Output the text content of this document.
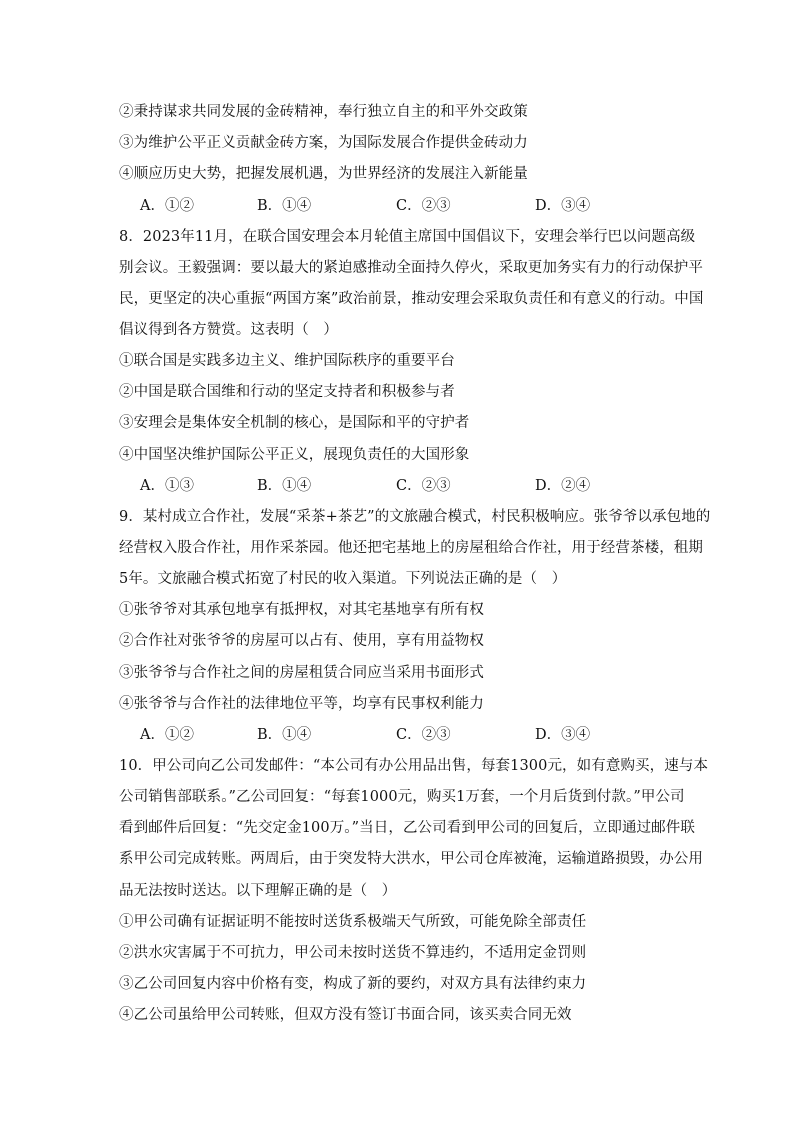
②秉持谋求共同发展的金砖精神，奉行独立自主的和平外交政策
③为维护公平正义贡献金砖方案，为国际发展合作提供金砖动力
④顺应历史大势，把握发展机遇，为世界经济的发展注入新能量
A．①②	B．①④	C．②③	D．③④
8．2023年11月，在联合国安理会本月轮值主席国中国倡议下，安理会举行巴以问题高级
别会议。王毅强调：要以最大的紧迫感推动全面持久停火，采取更加务实有力的行动保护平
民，更坚定的决心重振“两国方案”政治前景，推动安理会采取负责任和有意义的行动。中国
倡议得到各方赞赏。这表明（　）
①联合国是实践多边主义、维护国际秩序的重要平台
②中国是联合国维和行动的坚定支持者和积极参与者
③安理会是集体安全机制的核心，是国际和平的守护者
④中国坚决维护国际公平正义，展现负责任的大国形象
A．①③	B．①④	C．②③	D．②④
9．某村成立合作社，发展“采茶+茶艺”的文旅融合模式，村民积极响应。张爷爷以承包地的
经营权入股合作社，用作采茶园。他还把宅基地上的房屋租给合作社，用于经营茶楼，租期
5年。文旅融合模式拓宽了村民的收入渠道。下列说法正确的是（　）
①张爷爷对其承包地享有抵押权，对其宅基地享有所有权
②合作社对张爷爷的房屋可以占有、使用，享有用益物权
③张爷爷与合作社之间的房屋租赁合同应当采用书面形式
④张爷爷与合作社的法律地位平等，均享有民事权利能力
A．①②	B．①④	C．②③	D．③④
10．甲公司向乙公司发邮件：“本公司有办公用品出售，每套1300元，如有意购买，速与本
公司销售部联系。”乙公司回复：“每套1000元，购买1万套，一个月后货到付款。”甲公司
看到邮件后回复：“先交定金100万。”当日，乙公司看到甲公司的回复后，立即通过邮件联
系甲公司完成转账。两周后，由于突发特大洪水，甲公司仓库被淹，运输道路损毁，办公用
品无法按时送达。以下理解正确的是（　）
①甲公司确有证据证明不能按时送货系极端天气所致，可能免除全部责任
②洪水灾害属于不可抗力，甲公司未按时送货不算违约，不适用定金罚则
③乙公司回复内容中价格有变，构成了新的要约，对双方具有法律约束力
④乙公司虽给甲公司转账，但双方没有签订书面合同，该买卖合同无效
